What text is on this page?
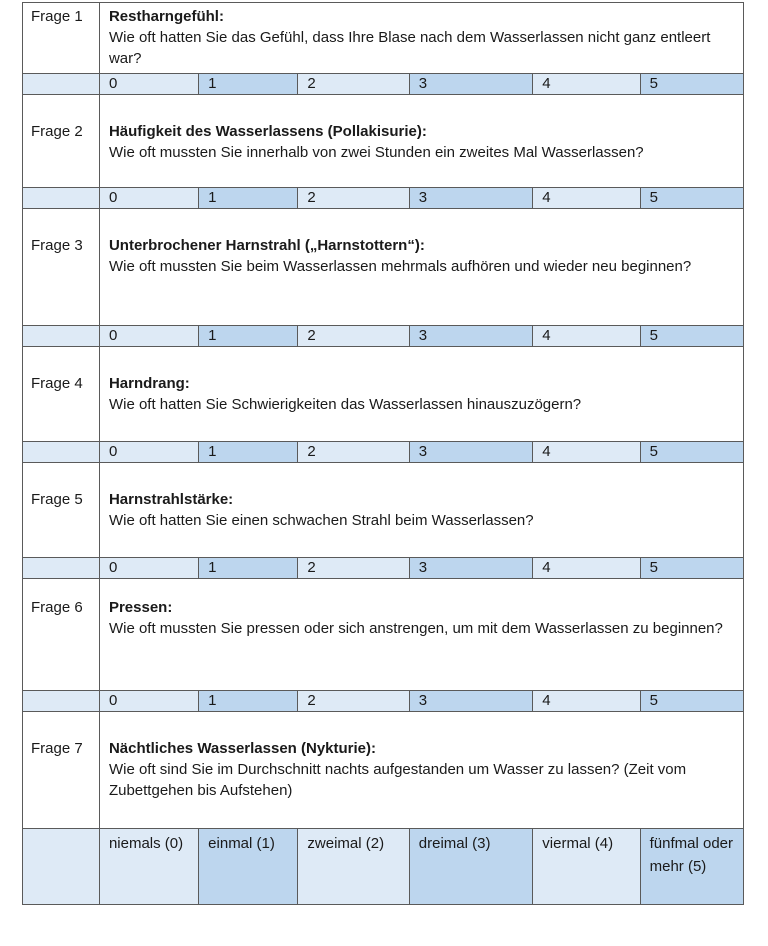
Frage 1	Restharngefühl:
Wie oft hatten Sie das Gefühl, dass Ihre Blase nach dem Wasserlassen nicht ganz entleert war?					

	0	1	2	3	4	5
Frage 2	Häufigkeit des Wasserlassens (Pollakisurie):
Wie oft mussten Sie innerhalb von zwei Stunden ein zweites Mal Wasserlassen?					

	0	1	2	3	4	5
Frage 3	Unterbrochener Harnstrahl („Harnstottern“):
Wie oft mussten Sie beim Wasserlassen mehrmals aufhören und wieder neu beginnen?					

	0	1	2	3	4	5
Frage 4	Harndrang:
Wie oft hatten Sie Schwierigkeiten das Wasserlassen hinauszuzögern?					

	0	1	2	3	4	5
Frage 5	Harnstrahlstärke:
Wie oft hatten Sie einen schwachen Strahl beim Wasserlassen?					

	0	1	2	3	4	5
Frage 6	Pressen:
Wie oft mussten Sie pressen oder sich anstrengen, um mit dem Wasserlassen zu beginnen?					

	0	1	2	3	4	5
Frage 7	Nächtliches Wasserlassen (Nykturie):
Wie oft sind Sie im Durchschnitt nachts aufgestanden um Wasser zu lassen? (Zeit vom Zubettgehen bis Aufstehen)					

	niemals (0)	einmal (1)	zweimal (2)	dreimal (3)	viermal (4)	fünfmal oder mehr (5)
